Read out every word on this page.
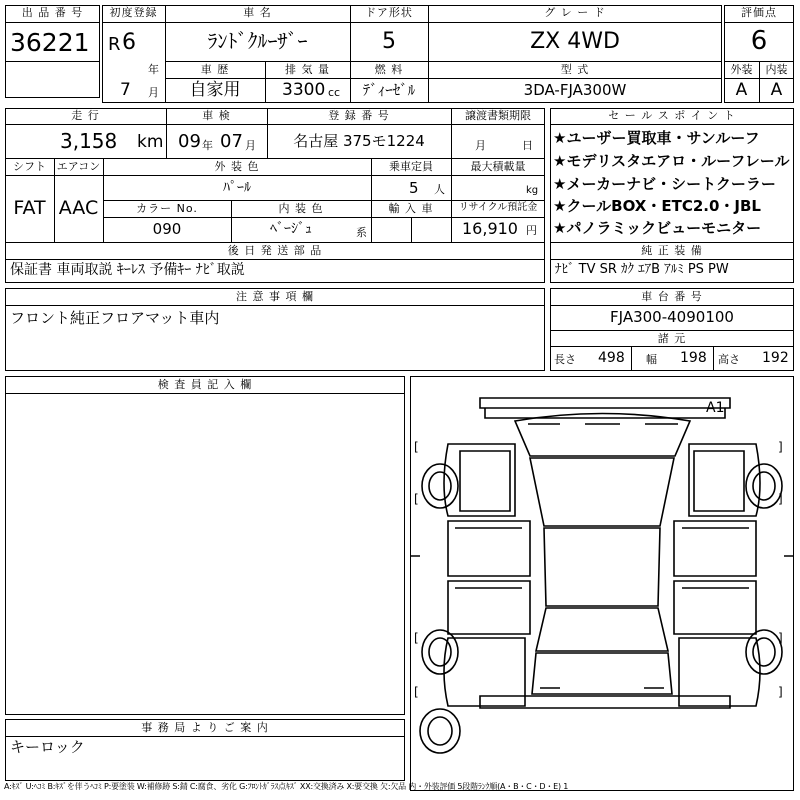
出 品 番 号
36221
初度登録
R 6
年
7 月
車 名
ﾗﾝﾄﾞｸﾙｰｻﾞｰ
ドア形状
5
グ レ ー ド
ZX 4WD
車 歴
自家用
排 気 量
3300 cc
燃 料
ﾃﾞｨｰｾﾞﾙ
型 式
3DA-FJA300W
評価点
6
外装	内装
A	A
走 行
3,158 km
車 検
09 年 07 月
登 録 番 号
名古屋 375モ1224
譲渡書類期限
月	日
シフト
FAT
エアコン
AAC
外 装 色
ﾊﾟｰﾙ
乗車定員
5 人
最大積載量
kg
カラー No.
090
内 装 色
ﾍﾞｰｼﾞｭ	系
輸 入 車	リサイクル預託金
16,910 円
後 日 発 送 部 品
保証書 車両取説 ｷｰﾚｽ 予備ｷｰ ﾅﾋﾞ取説
セ ー ル ス ポ イ ン ト
★ユーザー買取車・サンルーフ
★モデリスタエアロ・ルーフレール
★メーカーナビ・シートクーラー
★クールBOX・ETC2.0・JBL
★パノラミックビューモニター
純 正 装 備
ﾅﾋﾞ TV SR ｶｸ ｴｱB ｱﾙﾐ PS PW
注 意 事 項 欄
フロント純正フロアマット車内
車 台 番 号
FJA300-4090100
諸 元
長さ 498 幅 198 高さ 192
検 査 員 記 入 欄
A1
[	]
[	]
[	]
[	]
事 務 局 よ り ご 案 内
キーロック
A:ｷｽﾞ U:ﾍｺﾐ B:ｷｽﾞを伴うﾍｺﾐ P:要塗装 W:補修跡 S:錆 C:腐食、劣化 G:ﾌﾛﾝﾄｶﾞﾗｽ点ｷｽﾞ XX:交換済み X:要交換 欠:欠品 内・外装評価 5段階ﾗﾝｸ順(A・B・C・D・E) 1
